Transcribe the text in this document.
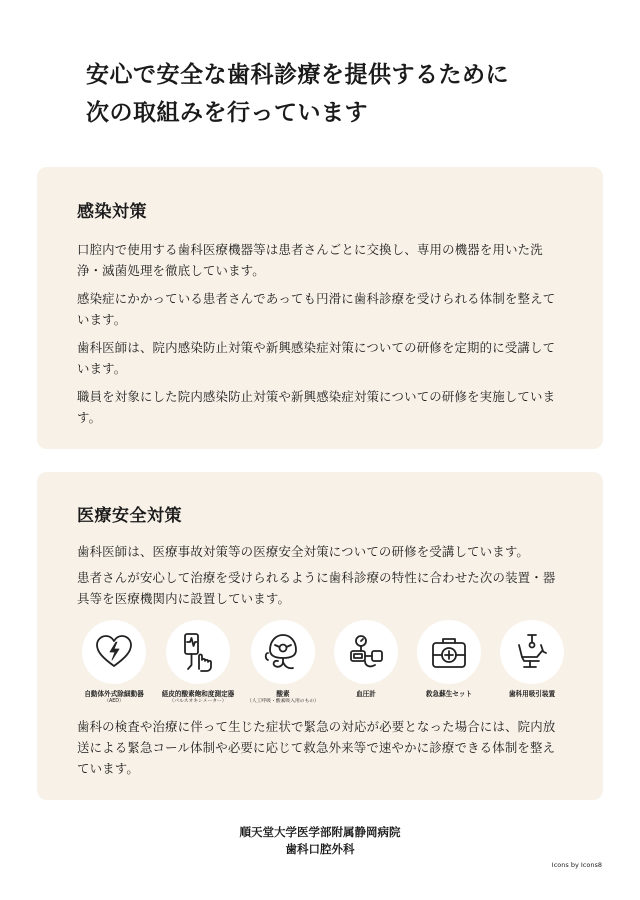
安心で安全な歯科診療を提供するために
次の取組みを行っています
感染対策

口腔内で使用する歯科医療機器等は患者さんごとに交換し、専用の機器を用いた洗浄・滅菌処理を徹底しています。

感染症にかかっている患者さんであっても円滑に歯科診療を受けられる体制を整えています。

歯科医師は、院内感染防止対策や新興感染症対策についての研修を定期的に受講しています。

職員を対象にした院内感染防止対策や新興感染症対策についての研修を実施しています。

医療安全対策

歯科医師は、医療事故対策等の医療安全対策についての研修を受講しています。

患者さんが安心して治療を受けられるように歯科診療の特性に合わせた次の装置・器具等を医療機関内に設置しています。

自動体外式除細動器
（AED）
経皮的酸素飽和度測定器
（パルスオキシメーター）
酸素
（人工呼吸・酸素吸入用のもの）
血圧計	救急蘇生セット	歯科用吸引装置

歯科の検査や治療に伴って生じた症状で緊急の対応が必要となった場合には、院内放送による緊急コール体制や必要に応じて救急外来等で速やかに診療できる体制を整えています。

順天堂大学医学部附属静岡病院
歯科口腔外科
Icons by Icons8
